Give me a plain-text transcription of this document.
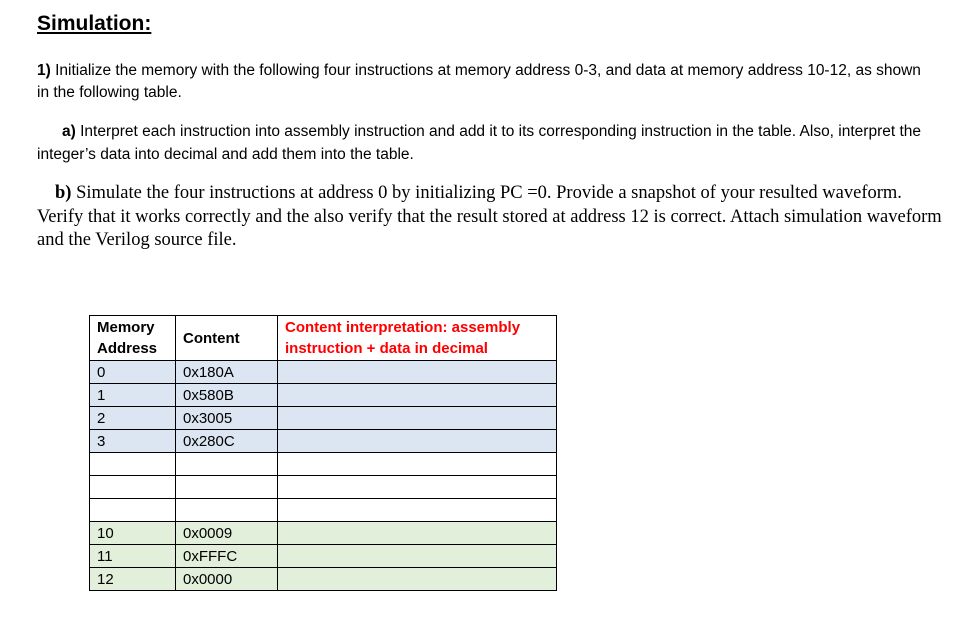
Simulation:
1) Initialize the memory with the following four instructions at memory address 0-3, and data at memory address 10-12, as shown in the following table.
a) Interpret each instruction into assembly instruction and add it to its corresponding instruction in the table. Also, interpret the integer’s data into decimal and add them into the table.
b) Simulate the four instructions at address 0 by initializing PC =0. Provide a snapshot of your resulted waveform. Verify that it works correctly and the also verify that the result stored at address 12 is correct. Attach simulation waveform and the Verilog source file.
Memory Address	Content	Content interpretation: assembly instruction + data in decimal
0	0x180A	
1	0x580B	
2	0x3005	
3	0x280C	

10	0x0009	
11	0xFFFC	
12	0x0000	
